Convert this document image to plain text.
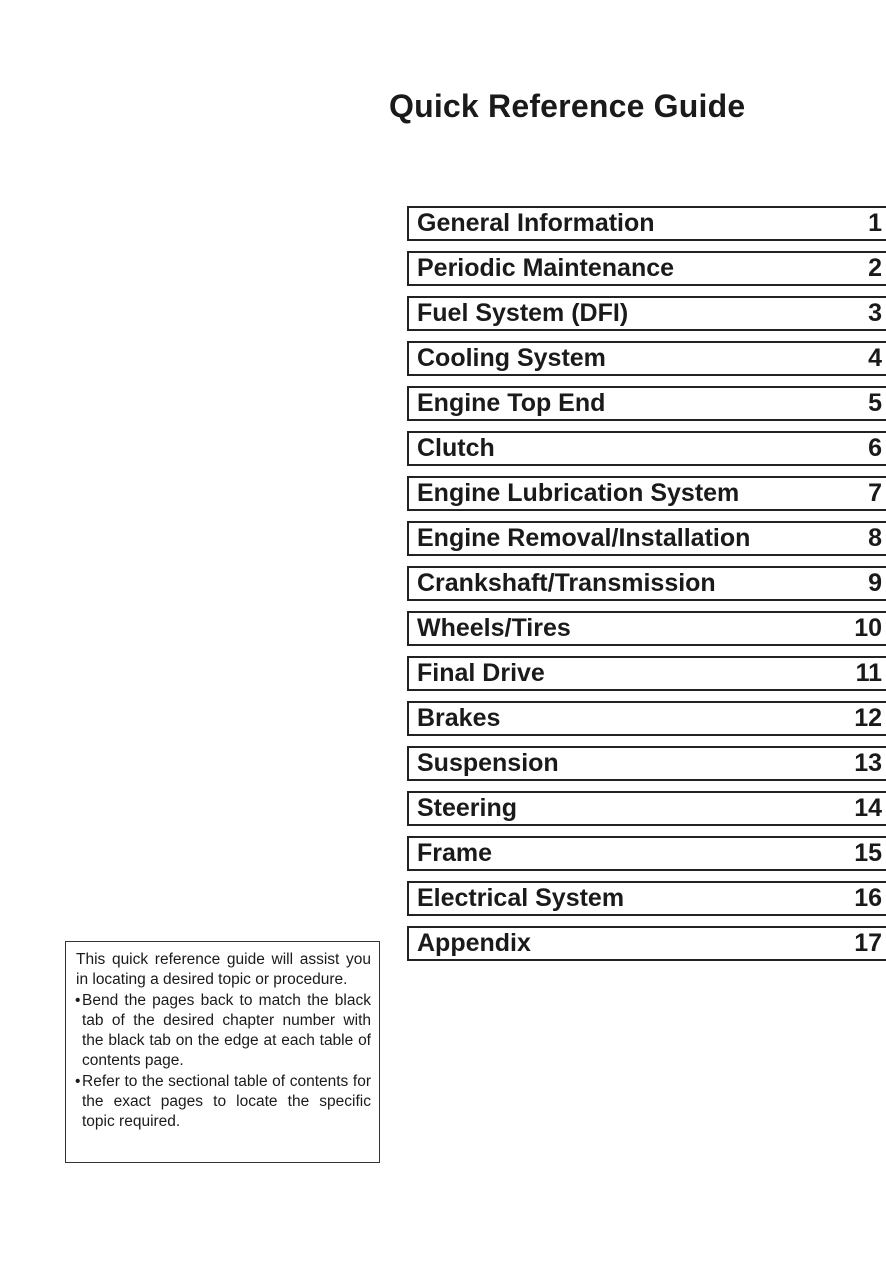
Quick Reference Guide
General Information	1
Periodic Maintenance	2
Fuel System (DFI)	3
Cooling System	4
Engine Top End	5
Clutch	6
Engine Lubrication System	7
Engine Removal/Installation	8
Crankshaft/Transmission	9
Wheels/Tires	10
Final Drive	11
Brakes	12
Suspension	13
Steering	14
Frame	15
Electrical System	16
Appendix	17

This quick reference guide will assist you in locating a desired topic or procedure.

• Bend the pages back to match the black tab of the desired chapter number with the black tab on the edge at each table of contents page.
• Refer to the sectional table of contents for the exact pages to locate the specific topic required.
